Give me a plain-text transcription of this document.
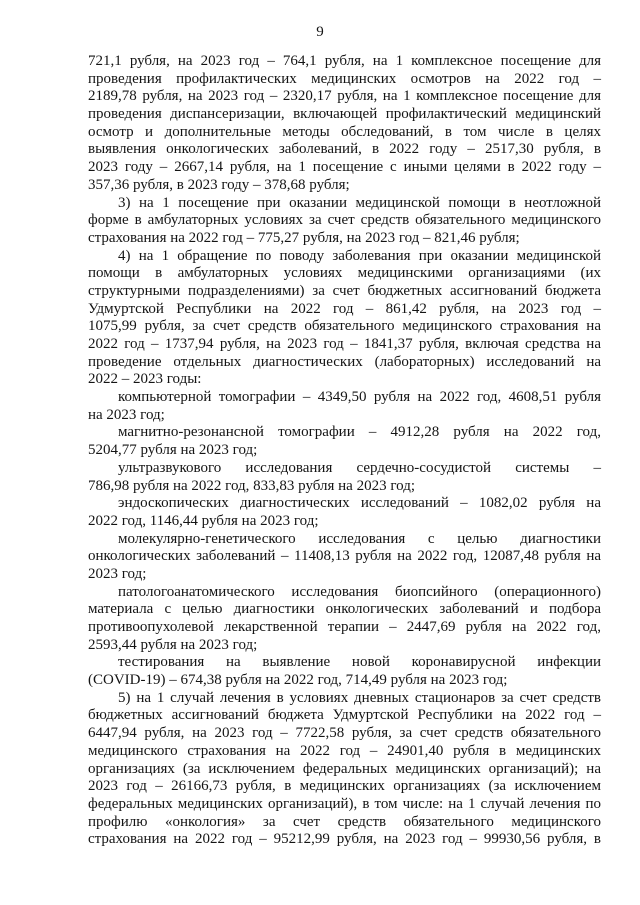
9
721,1 рубля, на 2023 год – 764,1 рубля, на 1 комплексное посещение для
проведения профилактических медицинских осмотров на 2022 год –
2189,78 рубля, на 2023 год – 2320,17 рубля, на 1 комплексное посещение для
проведения диспансеризации, включающей профилактический медицинский
осмотр и дополнительные методы обследований, в том числе в целях
выявления онкологических заболеваний, в 2022 году – 2517,30 рубля, в
2023 году – 2667,14 рубля, на 1 посещение с иными целями в 2022 году –
357,36 рубля, в 2023 году – 378,68 рубля;
3) на 1 посещение при оказании медицинской помощи в неотложной
форме в амбулаторных условиях за счет средств обязательного медицинского
страхования на 2022 год – 775,27 рубля, на 2023 год – 821,46 рубля;
4) на 1 обращение по поводу заболевания при оказании медицинской
помощи в амбулаторных условиях медицинскими организациями (их
структурными подразделениями) за счет бюджетных ассигнований бюджета
Удмуртской Республики на 2022 год – 861,42 рубля, на 2023 год –
1075,99 рубля, за счет средств обязательного медицинского страхования на
2022 год – 1737,94 рубля, на 2023 год – 1841,37 рубля, включая средства на
проведение отдельных диагностических (лабораторных) исследований на
2022 – 2023 годы:
компьютерной томографии – 4349,50 рубля на 2022 год, 4608,51 рубля
на 2023 год;
магнитно-резонансной томографии – 4912,28 рубля на 2022 год,
5204,77 рубля на 2023 год;
ультразвукового исследования сердечно-сосудистой системы –
786,98 рубля на 2022 год, 833,83 рубля на 2023 год;
эндоскопических диагностических исследований – 1082,02 рубля на
2022 год, 1146,44 рубля на 2023 год;
молекулярно-генетического исследования с целью диагностики
онкологических заболеваний – 11408,13 рубля на 2022 год, 12087,48 рубля на
2023 год;
патологоанатомического исследования биопсийного (операционного)
материала с целью диагностики онкологических заболеваний и подбора
противоопухолевой лекарственной терапии – 2447,69 рубля на 2022 год,
2593,44 рубля на 2023 год;
тестирования на выявление новой коронавирусной инфекции
(COVID-19) – 674,38 рубля на 2022 год, 714,49 рубля на 2023 год;
5) на 1 случай лечения в условиях дневных стационаров за счет средств
бюджетных ассигнований бюджета Удмуртской Республики на 2022 год –
6447,94 рубля, на 2023 год – 7722,58 рубля, за счет средств обязательного
медицинского страхования на 2022 год – 24901,40 рубля в медицинских
организациях (за исключением федеральных медицинских организаций); на
2023 год – 26166,73 рубля, в медицинских организациях (за исключением
федеральных медицинских организаций), в том числе: на 1 случай лечения по
профилю «онкология» за счет средств обязательного медицинского
страхования на 2022 год – 95212,99 рубля, на 2023 год – 99930,56 рубля, в
